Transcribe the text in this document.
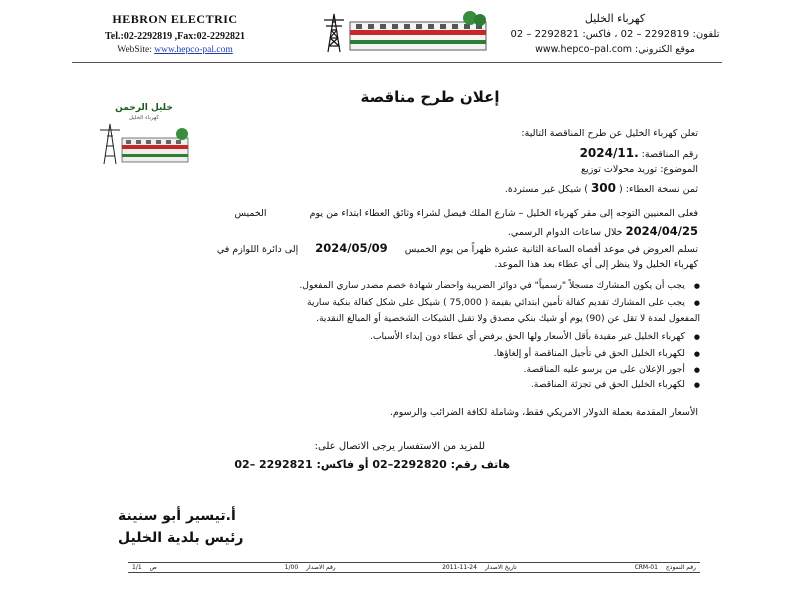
HEBRON ELECTRIC
Tel.:02-2292819 ,Fax:02-2292821
WebSite: www.hepco-pal.com
كهرباء الخليل
تلفون: 2292819 – 02 ، فاكس: 2292821 – 02
موقع الكتروني: www.hepco–pal.com
خليل الرحمن
كهرباء الخليل
إعلان طرح مناقصة
تعلن كهرباء الخليل عن طرح المناقصة التالية:
رقم المناقصة: .2024/11
الموضوع: توريد محولات توزيع
ثمن نسخة العطاء: ( 300 ) شيكل غير مستردة.
فعلى المعنيين التوجه إلى مقر كهرباء الخليل – شارع الملك فيصل لشراء وثائق العطاء ابتداء من يوم الخميس
2024/04/25 خلال ساعات الدوام الرسمي.
تسلم العروض في موعد أقصاه الساعة الثانية عشرة ظهراً من يوم الخميس 2024/05/09 إلى دائرة اللوازم في
كهرباء الخليل ولا ينظر إلى أي عطاء بعد هذا الموعد.
● يجب أن يكون المشارك مسجلاً "رسمياً" في دوائر الضريبة واحضار شهادة خصم مصدر ساري المفعول.
● يجب على المشارك تقديم كفالة تأمين ابتدائي بقيمة ( 75,000 ) شيكل على شكل كفالة بنكية سارية
المفعول لمدة لا تقل عن (90) يوم أو شيك بنكي مصدق ولا تقبل الشيكات الشخصية أو المبالغ النقدية.
● كهرباء الخليل غير مقيدة بأقل الأسعار ولها الحق برفض أي عطاء دون إبداء الأسباب.
● لكهرباء الخليل الحق في تأجيل المناقصة أو إلغاؤها.
● أجور الإعلان على من يرسو عليه المناقصة.
● لكهرباء الخليل الحق في تجزئة المناقصة.
الأسعار المقدمة بعملة الدولار الامريكي فقط، وشاملة لكافة الضرائب والرسوم.
للمزيد من الاستفسار يرجى الاتصال على:
هاتف رقم: 2292820–02 أو فاكس: 2292821 –02
أ.تيسير أبو سنينة
رئيس بلدية الخليل
رقم النموذج
CRM-01
تاريخ الاصدار
2011-11-24
رقم الاصدار
1/00
ص
1/1
